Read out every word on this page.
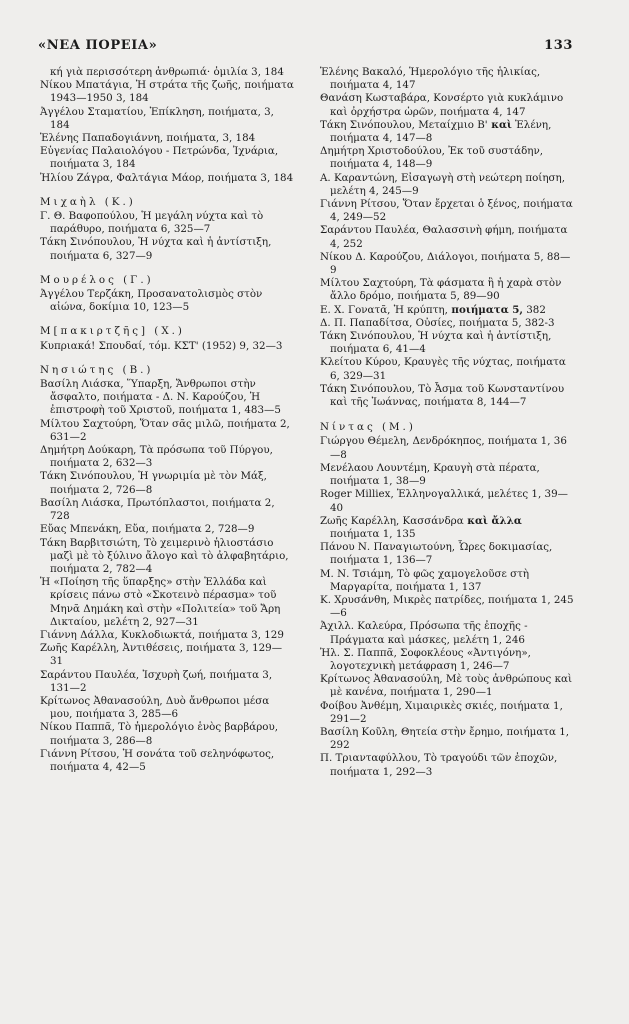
«ΝΕΑ ΠΟΡΕΙΑ»	133
κή γιὰ περισσότερη ἀνθρωπιά· ὁμιλία 3, 184
Νίκου Μπατάγια, Ἡ στράτα τῆς ζωῆς, ποιήματα 1943—1950 3, 184
Ἀγγέλου Σταματίου, Ἐπίκληση, ποιήματα, 3, 184
Ἑλένης Παπαδογιάννη, ποιήματα, 3, 184
Εὐγενίας Παλαιολόγου - Πετρώνδα, Ἰχνάρια, ποιήματα 3, 184
Ἠλίου Ζάγρα, Φαλτάγια Μάορ, ποιήματα 3, 184
Μιχαὴλ (Κ.)
Γ. Θ. Βαφοπούλου, Ἡ μεγάλη νύχτα καὶ τὸ παράθυρο, ποιήματα 6, 325—7
Τάκη Σινόπουλου, Ἡ νύχτα καὶ ἡ ἀντίστιξη, ποιήματα 6, 327—9
Μουρέλος (Γ.)
Ἀγγέλου Τερζάκη, Προσανατολισμὸς στὸν αἰώνα, δοκίμια 10, 123—5
Μ[πακιρτζῆς] (Χ.)
Κυπριακά! Σπουδαί, τόμ. ΚΣΤ' (1952) 9, 32—3
Νησιώτης (Β.)
Βασίλη Λιάσκα, Ὕπαρξη, Ἄνθρωποι στὴν ἄσφαλτο, ποιήματα - Δ. Ν. Καρούζου, Ἡ ἐπιστροφὴ τοῦ Χριστοῦ, ποιήματα 1, 483—5
Μίλτου Σαχτούρη, Ὅταν σᾶς μιλῶ, ποιήματα 2, 631—2
Δημήτρη Δούκαρη, Τὰ πρόσωπα τοῦ Πύργου, ποιήματα 2, 632—3
Τάκη Σινόπουλου, Ἡ γνωριμία μὲ τὸν Μάξ, ποιήματα 2, 726—8
Βασίλη Λιάσκα, Πρωτόπλαστοι, ποιήματα 2, 728
Εὔας Μπενάκη, Εὔα, ποιήματα 2, 728—9
Τάκη Βαρβιτσιώτη, Τὸ χειμερινὸ ἡλιοστάσιο μαζὶ μὲ τὸ ξύλινο ἄλογο καὶ τὸ ἀλφαβητάριο, ποιήματα 2, 782—4
Ἡ «Ποίηση τῆς ὕπαρξης» στὴν Ἑλλάδα καὶ κρίσεις πάνω στὸ «Σκοτεινὸ πέρασμα» τοῦ Μηνᾶ Δημάκη καὶ στὴν «Πολιτεία» τοῦ Ἄρη Δικταίου, μελέτη 2, 927—31
Γιάννη Δάλλα, Κυκλοδιωκτά, ποιήματα 3, 129
Ζωῆς Καρέλλη, Ἀντιθέσεις, ποιήματα 3, 129—31
Σαράντου Παυλέα, Ἰσχυρὴ ζωή, ποιήματα 3, 131—2
Κρίτωνος Ἀθανασούλη, Δυὸ ἄνθρωποι μέσα μου, ποιήματα 3, 285—6
Νίκου Παππᾶ, Τὸ ἡμερολόγιο ἑνὸς βαρβάρου, ποιήματα 3, 286—8
Γιάννη Ρίτσου, Ἡ σονάτα τοῦ σεληνόφωτος, ποιήματα 4, 42—5
Ἑλένης Βακαλό, Ἡμερολόγιο τῆς ἡλικίας, ποιήματα 4, 147
Θανάση Κωσταβάρα, Κονσέρτο γιὰ κυκλάμινο καὶ ὀρχήστρα ὡρῶν, ποιήματα 4, 147
Τάκη Σινόπουλου, Μεταίχμιο Β' καὶ Ἑλένη, ποιήματα 4, 147—8
Δημήτρη Χριστοδούλου, Ἐκ τοῦ συστάδην, ποιήματα 4, 148—9
Α. Καραντώνη, Εἰσαγωγὴ στὴ νεώτερη ποίηση, μελέτη 4, 245—9
Γιάννη Ρίτσου, Ὅταν ἔρχεται ὁ ξένος, ποιήματα 4, 249—52
Σαράντου Παυλέα, Θαλασσινὴ φήμη, ποιήματα 4, 252
Νίκου Δ. Καρούζου, Διάλογοι, ποιήματα 5, 88—9
Μίλτου Σαχτούρη, Τὰ φάσματα ἢ ἡ χαρὰ στὸν ἄλλο δρόμο, ποιήματα 5, 89—90
Ε. Χ. Γονατᾶ, Ἡ κρύπτη, ποιήματα 5, 382
Δ. Π. Παπαδίτσα, Οὐσίες, ποιήματα 5, 382-3
Τάκη Σινόπουλου, Ἡ νύχτα καὶ ἡ ἀντίστιξη, ποιήματα 6, 41—4
Κλείτου Κύρου, Κραυγὲς τῆς νύχτας, ποιήματα 6, 329—31
Τάκη Σινόπουλου, Τὸ Ἆσμα τοῦ Κωνσταντίνου καὶ τῆς Ἰωάννας, ποιήματα 8, 144—7
Νίντας (Μ.)
Γιώργου Θέμελη, Δενδρόκηπος, ποιήματα 1, 36—8
Μενέλαου Λουντέμη, Κραυγὴ στὰ πέρατα, ποιήματα 1, 38—9
Roger Milliex, Ἑλληνογαλλικά, μελέτες 1, 39—40
Ζωῆς Καρέλλη, Κασσάνδρα καὶ ἄλλα ποιήματα 1, 135
Πάνου Ν. Παναγιωτούνη, Ὧρες δοκιμασίας, ποιήματα 1, 136—7
Μ. Ν. Τσιάμη, Τὸ φῶς χαμογελοῦσε στὴ Μαργαρίτα, ποιήματα 1, 137
Κ. Χρυσάνθη, Μικρὲς πατρίδες, ποιήματα 1, 245—6
Ἀχιλλ. Καλεύρα, Πρόσωπα τῆς ἐποχῆς - Πράγματα καὶ μάσκες, μελέτη 1, 246
Ἠλ. Σ. Παππᾶ, Σοφοκλέους «Ἀντιγόνη», λογοτεχνικὴ μετάφραση 1, 246—7
Κρίτωνος Ἀθανασούλη, Μὲ τοὺς ἀνθρώπους καὶ μὲ κανένα, ποιήματα 1, 290—1
Φοίβου Ἀνθέμη, Χιμαιρικὲς σκιές, ποιήματα 1, 291—2
Βασίλη Κοῦλη, Θητεία στὴν ἔρημο, ποιήματα 1, 292
Π. Τριανταφύλλου, Τὸ τραγούδι τῶν ἐποχῶν, ποιήματα 1, 292—3
